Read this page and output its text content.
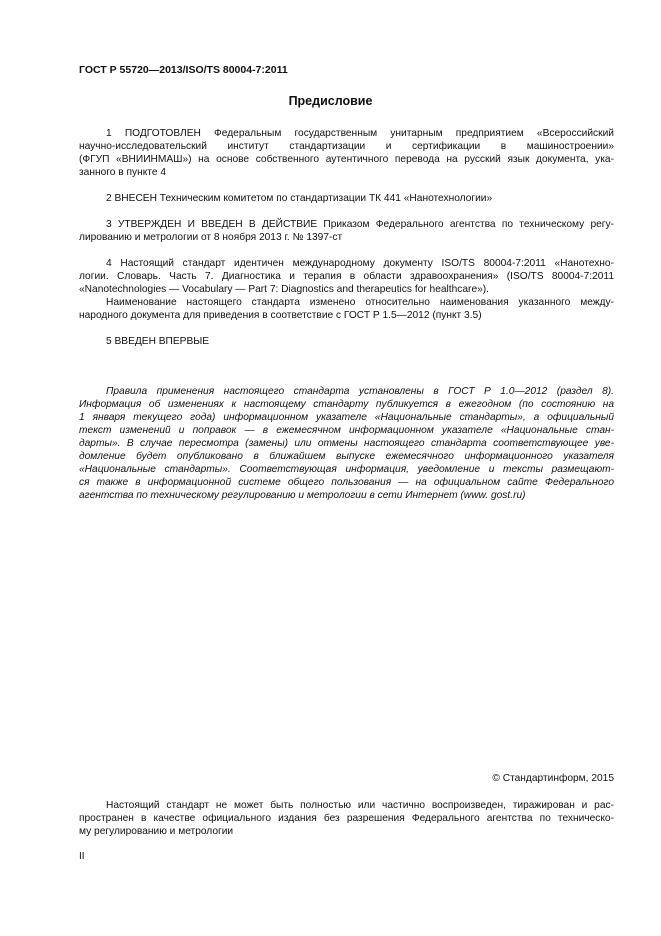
ГОСТ Р 55720—2013/ISO/TS 80004-7:2011
Предисловие
1 ПОДГОТОВЛЕН Федеральным государственным унитарным предприятием «Всероссийский
научно-исследовательский институт стандартизации и сертификации в машиностроении»
(ФГУП «ВНИИНМАШ») на основе собственного аутентичного перевода на русский язык документа, ука-
занного в пункте 4
2 ВНЕСЕН Техническим комитетом по стандартизации ТК 441 «Нанотехнологии»
3 УТВЕРЖДЕН И ВВЕДЕН В ДЕЙСТВИЕ Приказом Федерального агентства по техническому регу-
лированию и метрологии от 8 ноября 2013 г. № 1397-ст
4 Настоящий стандарт идентичен международному документу ISO/TS 80004-7:2011 «Нанотехно-
логии. Словарь. Часть 7. Диагностика и терапия в области здравоохранения» (ISO/TS 80004-7:2011
«Nanotechnologies — Vocabulary — Part 7: Diagnostics and therapeutics for healthcare»).
Наименование настоящего стандарта изменено относительно наименования указанного между-
народного документа для приведения в соответствие с ГОСТ Р 1.5—2012 (пункт 3.5)
5 ВВЕДЕН ВПЕРВЫЕ
Правила применения настоящего стандарта установлены в ГОСТ Р 1.0—2012 (раздел 8).
Информация об изменениях к настоящему стандарту публикуется в ежегодном (по состоянию на
1 января текущего года) информационном указателе «Национальные стандарты», а официальный
текст изменений и поправок — в ежемесячном информационном указателе «Национальные стан-
дарты». В случае пересмотра (замены) или отмены настоящего стандарта соответствующее уве-
домление будет опубликовано в ближайшем выпуске ежемесячного информационного указателя
«Национальные стандарты». Соответствующая информация, уведомление и тексты размещают-
ся также в информационной системе общего пользования — на официальном сайте Федерального
агентства по техническому регулированию и метрологии в сети Интернет (www. gost.ru)
© Стандартинформ, 2015
Настоящий стандарт не может быть полностью или частично воспроизведен, тиражирован и рас-
пространен в качестве официального издания без разрешения Федерального агентства по техническо-
му регулированию и метрологии
II
